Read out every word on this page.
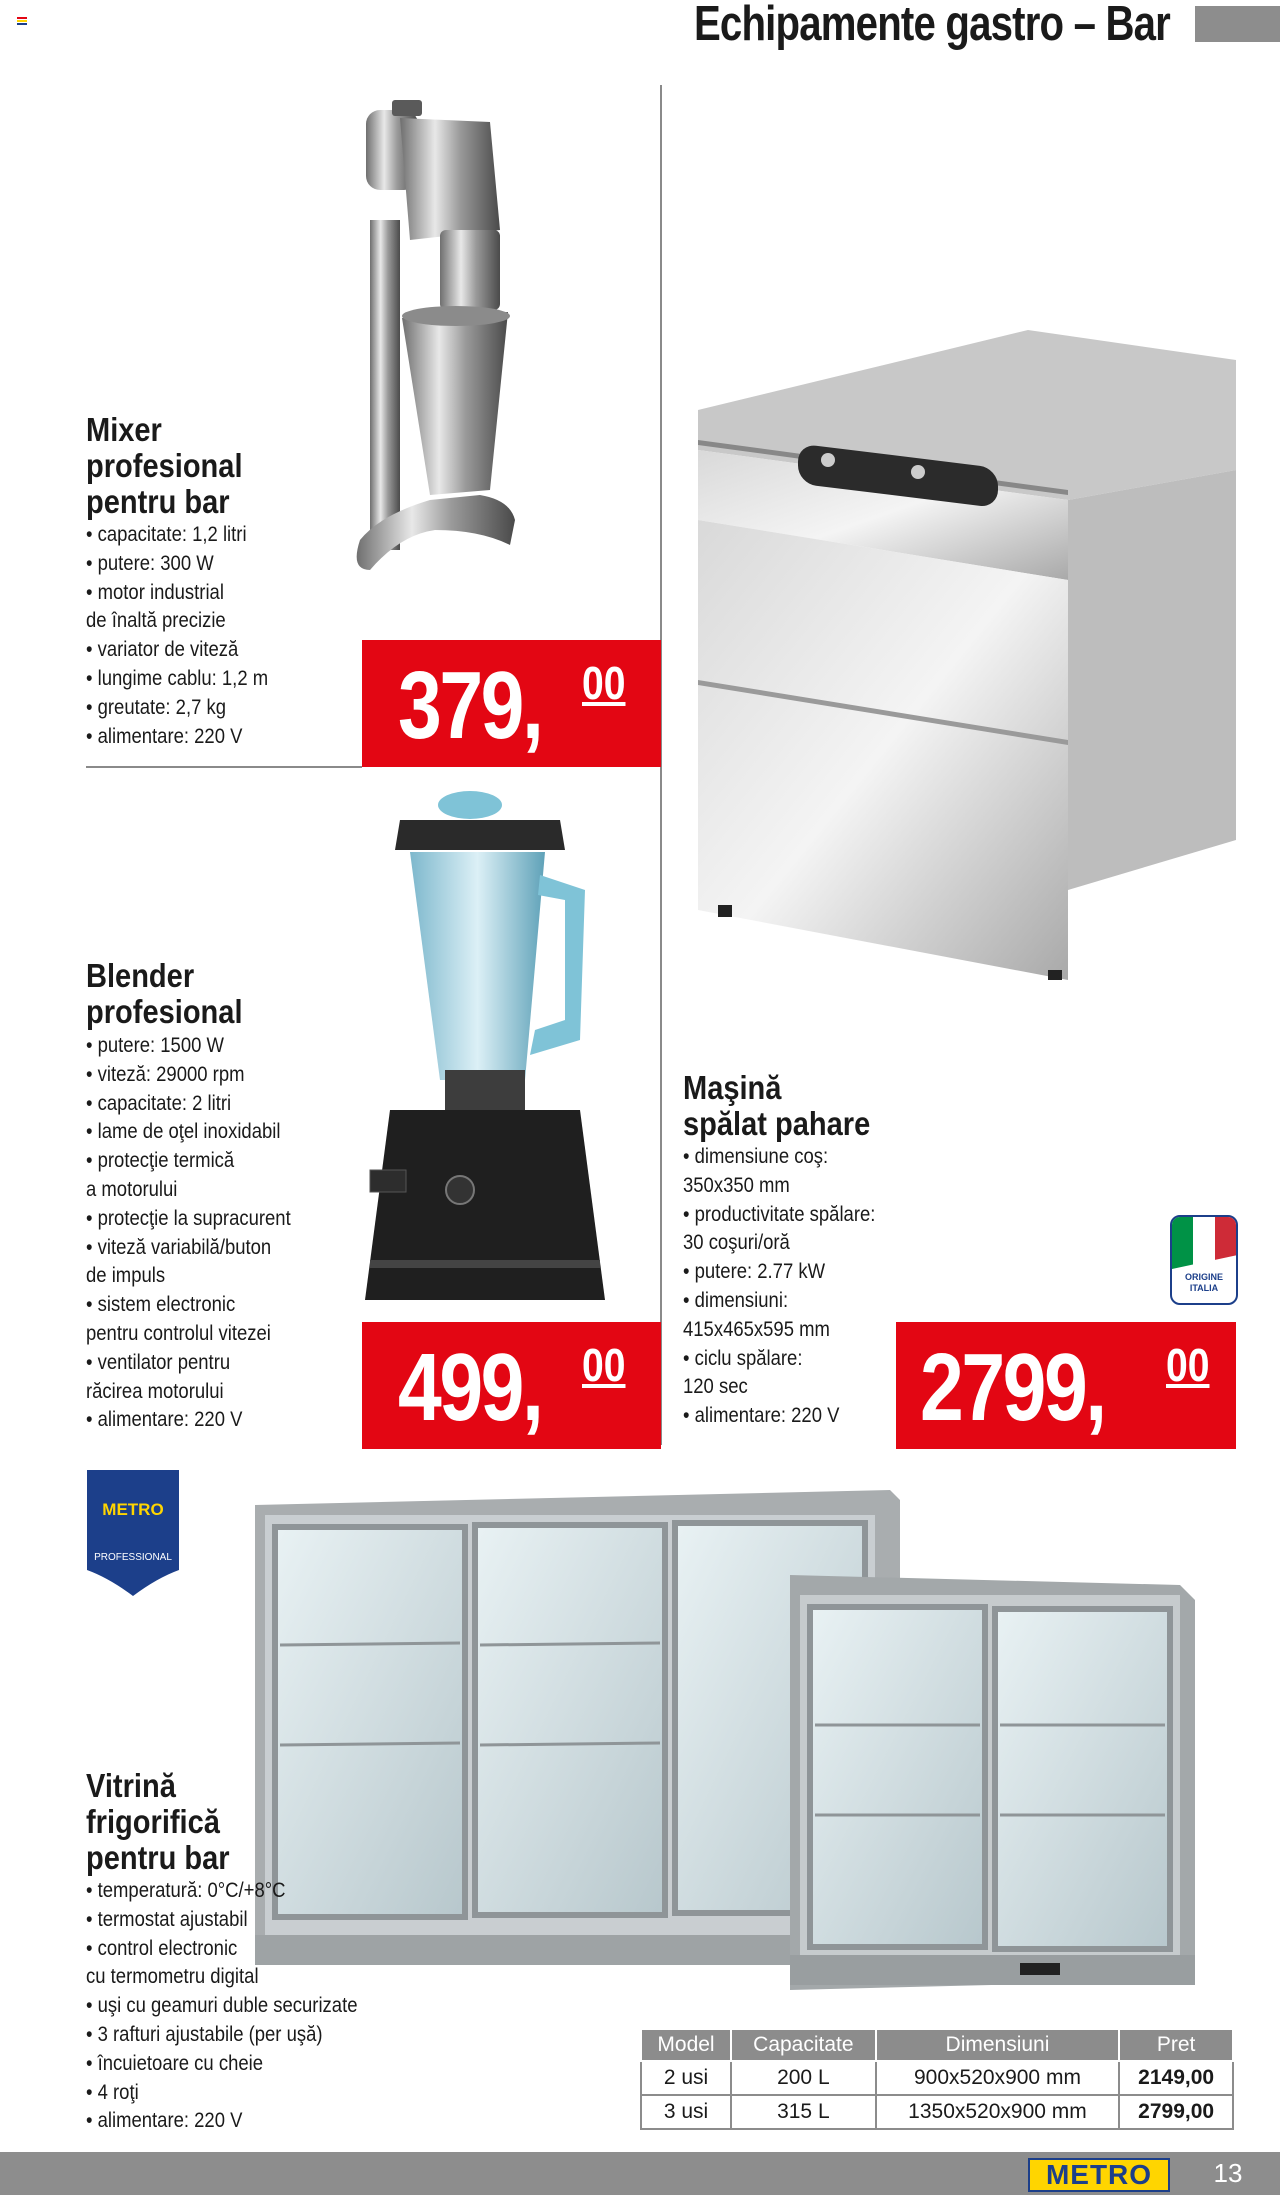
Echipamente gastro – Bar
Mixer
profesional
pentru bar
• capacitate: 1,2 litri
• putere: 300 W
• motor industrial
de înaltă precizie
• variator de viteză
• lungime cablu: 1,2 m
• greutate: 2,7 kg
• alimentare: 220 V 379, 00
Maşină
spălat pahare
• dimensiune coş:
350x350 mm
• productivitate spălare:
30 coşuri/oră
• putere: 2.77 kW
• dimensiuni:
415x465x595 mm
• ciclu spălare:
120 sec
• alimentare: 220 V
ORIGINE ITALIA
2799, 00
Blender
profesional
• putere: 1500 W
• viteză: 29000 rpm
• capacitate: 2 litri
• lame de oţel inoxidabil
• protecţie termică
a motorului
• protecţie la supracurent
• viteză variabilă/buton
de impuls
• sistem electronic
pentru controlul vitezei
• ventilator pentru
răcirea motorului
• alimentare: 220 V	499, 00
METRO
PROFESSIONAL
Vitrină
frigorifică
pentru bar
• temperatură: 0°C/+8°C
• termostat ajustabil
• control electronic
cu termometru digital
• uşi cu geamuri duble securizate
• 3 rafturi ajustabile (per uşă)
• încuietoare cu cheie
• 4 roţi
• alimentare: 220 V
Model	Capacitate	Dimensiuni	Pret
2 usi	200 L	900x520x900 mm	2149,00
3 usi	315 L	1350x520x900 mm	2799,00
METRO	13
